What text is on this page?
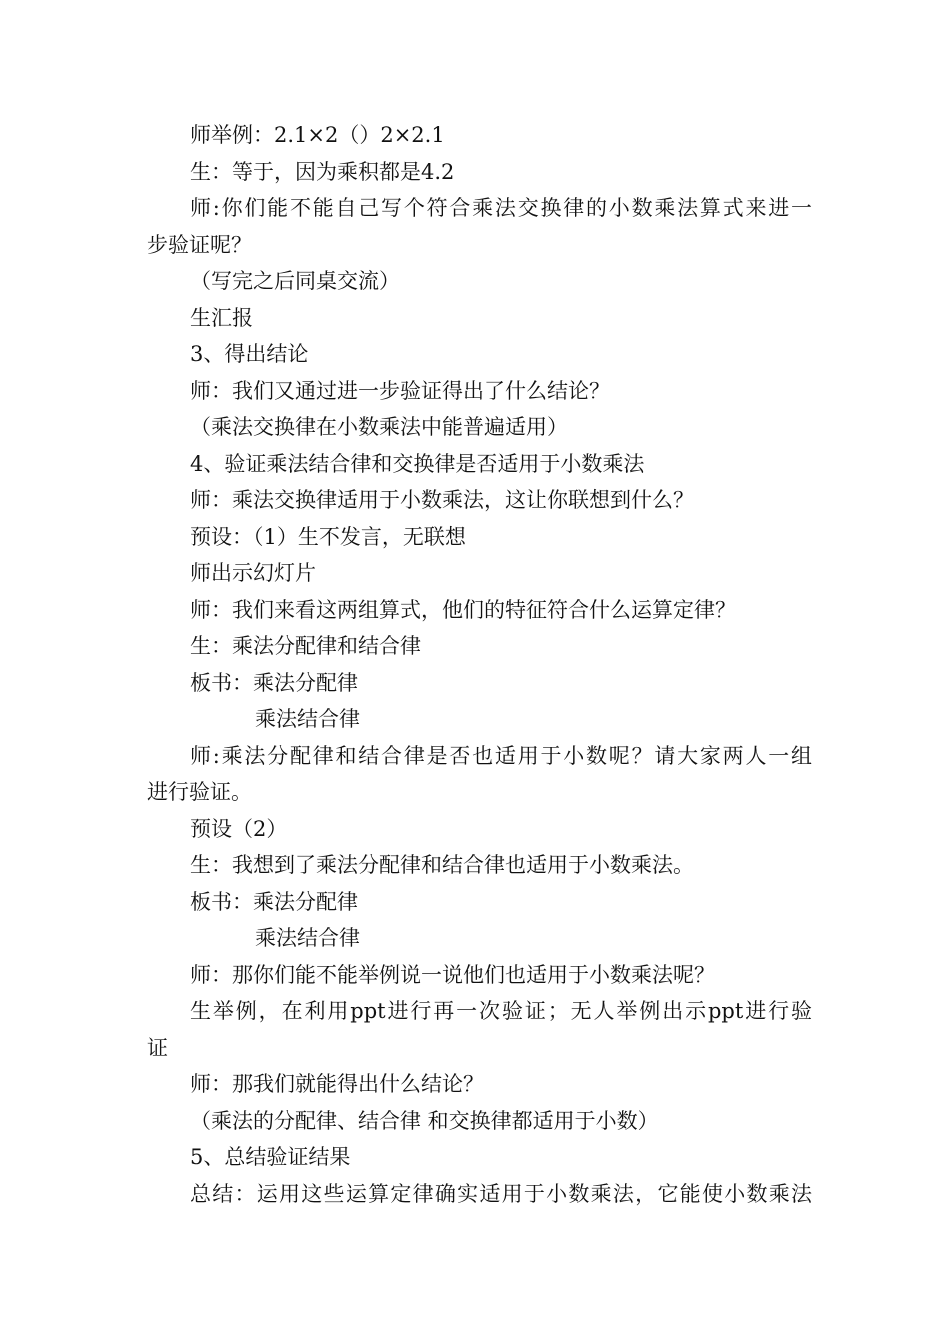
师举例：2.1×2（）2×2.1
生：等于，因为乘积都是4.2
师:你们能不能自己写个符合乘法交换律的小数乘法算式来进一
步验证呢？
（写完之后同桌交流）
生汇报
3、得出结论
师：我们又通过进一步验证得出了什么结论？
（乘法交换律在小数乘法中能普遍适用）
4、验证乘法结合律和交换律是否适用于小数乘法
师：乘法交换律适用于小数乘法，这让你联想到什么？
预设：（1）生不发言，无联想
师出示幻灯片
师：我们来看这两组算式，他们的特征符合什么运算定律？
生：乘法分配律和结合律
板书：乘法分配律
乘法结合律
师:乘法分配律和结合律是否也适用于小数呢？请大家两人一组
进行验证。
预设（2）
生：我想到了乘法分配律和结合律也适用于小数乘法。
板书：乘法分配律
乘法结合律
师：那你们能不能举例说一说他们也适用于小数乘法呢？
生举例，在利用ppt进行再一次验证；无人举例出示ppt进行验
证
师：那我们就能得出什么结论？
（乘法的分配律、结合律 和交换律都适用于小数）
5、总结验证结果
总结：运用这些运算定律确实适用于小数乘法，它能使小数乘法
